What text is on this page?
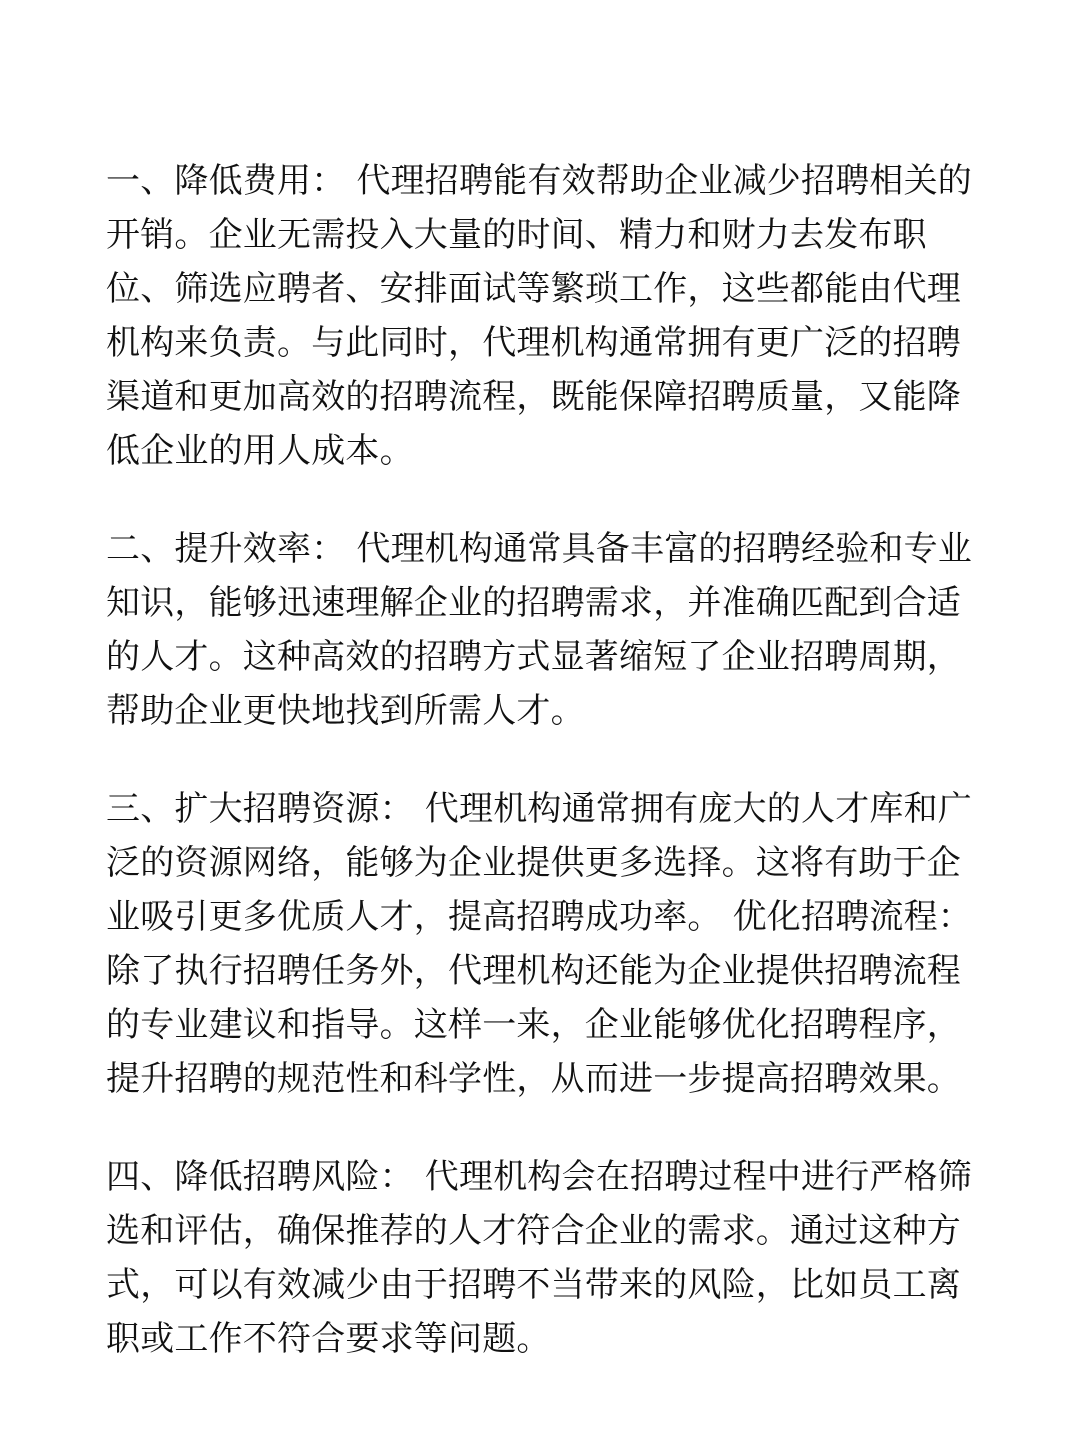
一、降低费用： 代理招聘能有效帮助企业减少招聘相关的开销。企业无需投入大量的时间、精力和财力去发布职位、筛选应聘者、安排面试等繁琐工作，这些都能由代理机构来负责。与此同时，代理机构通常拥有更广泛的招聘渠道和更加高效的招聘流程，既能保障招聘质量，又能降低企业的用人成本。

二、提升效率： 代理机构通常具备丰富的招聘经验和专业知识，能够迅速理解企业的招聘需求，并准确匹配到合适的人才。这种高效的招聘方式显著缩短了企业招聘周期，帮助企业更快地找到所需人才。

三、扩大招聘资源： 代理机构通常拥有庞大的人才库和广泛的资源网络，能够为企业提供更多选择。这将有助于企业吸引更多优质人才，提高招聘成功率。 优化招聘流程： 除了执行招聘任务外，代理机构还能为企业提供招聘流程的专业建议和指导。这样一来，企业能够优化招聘程序，提升招聘的规范性和科学性，从而进一步提高招聘效果。

四、降低招聘风险： 代理机构会在招聘过程中进行严格筛选和评估，确保推荐的人才符合企业的需求。通过这种方式，可以有效减少由于招聘不当带来的风险，比如员工离职或工作不符合要求等问题。
